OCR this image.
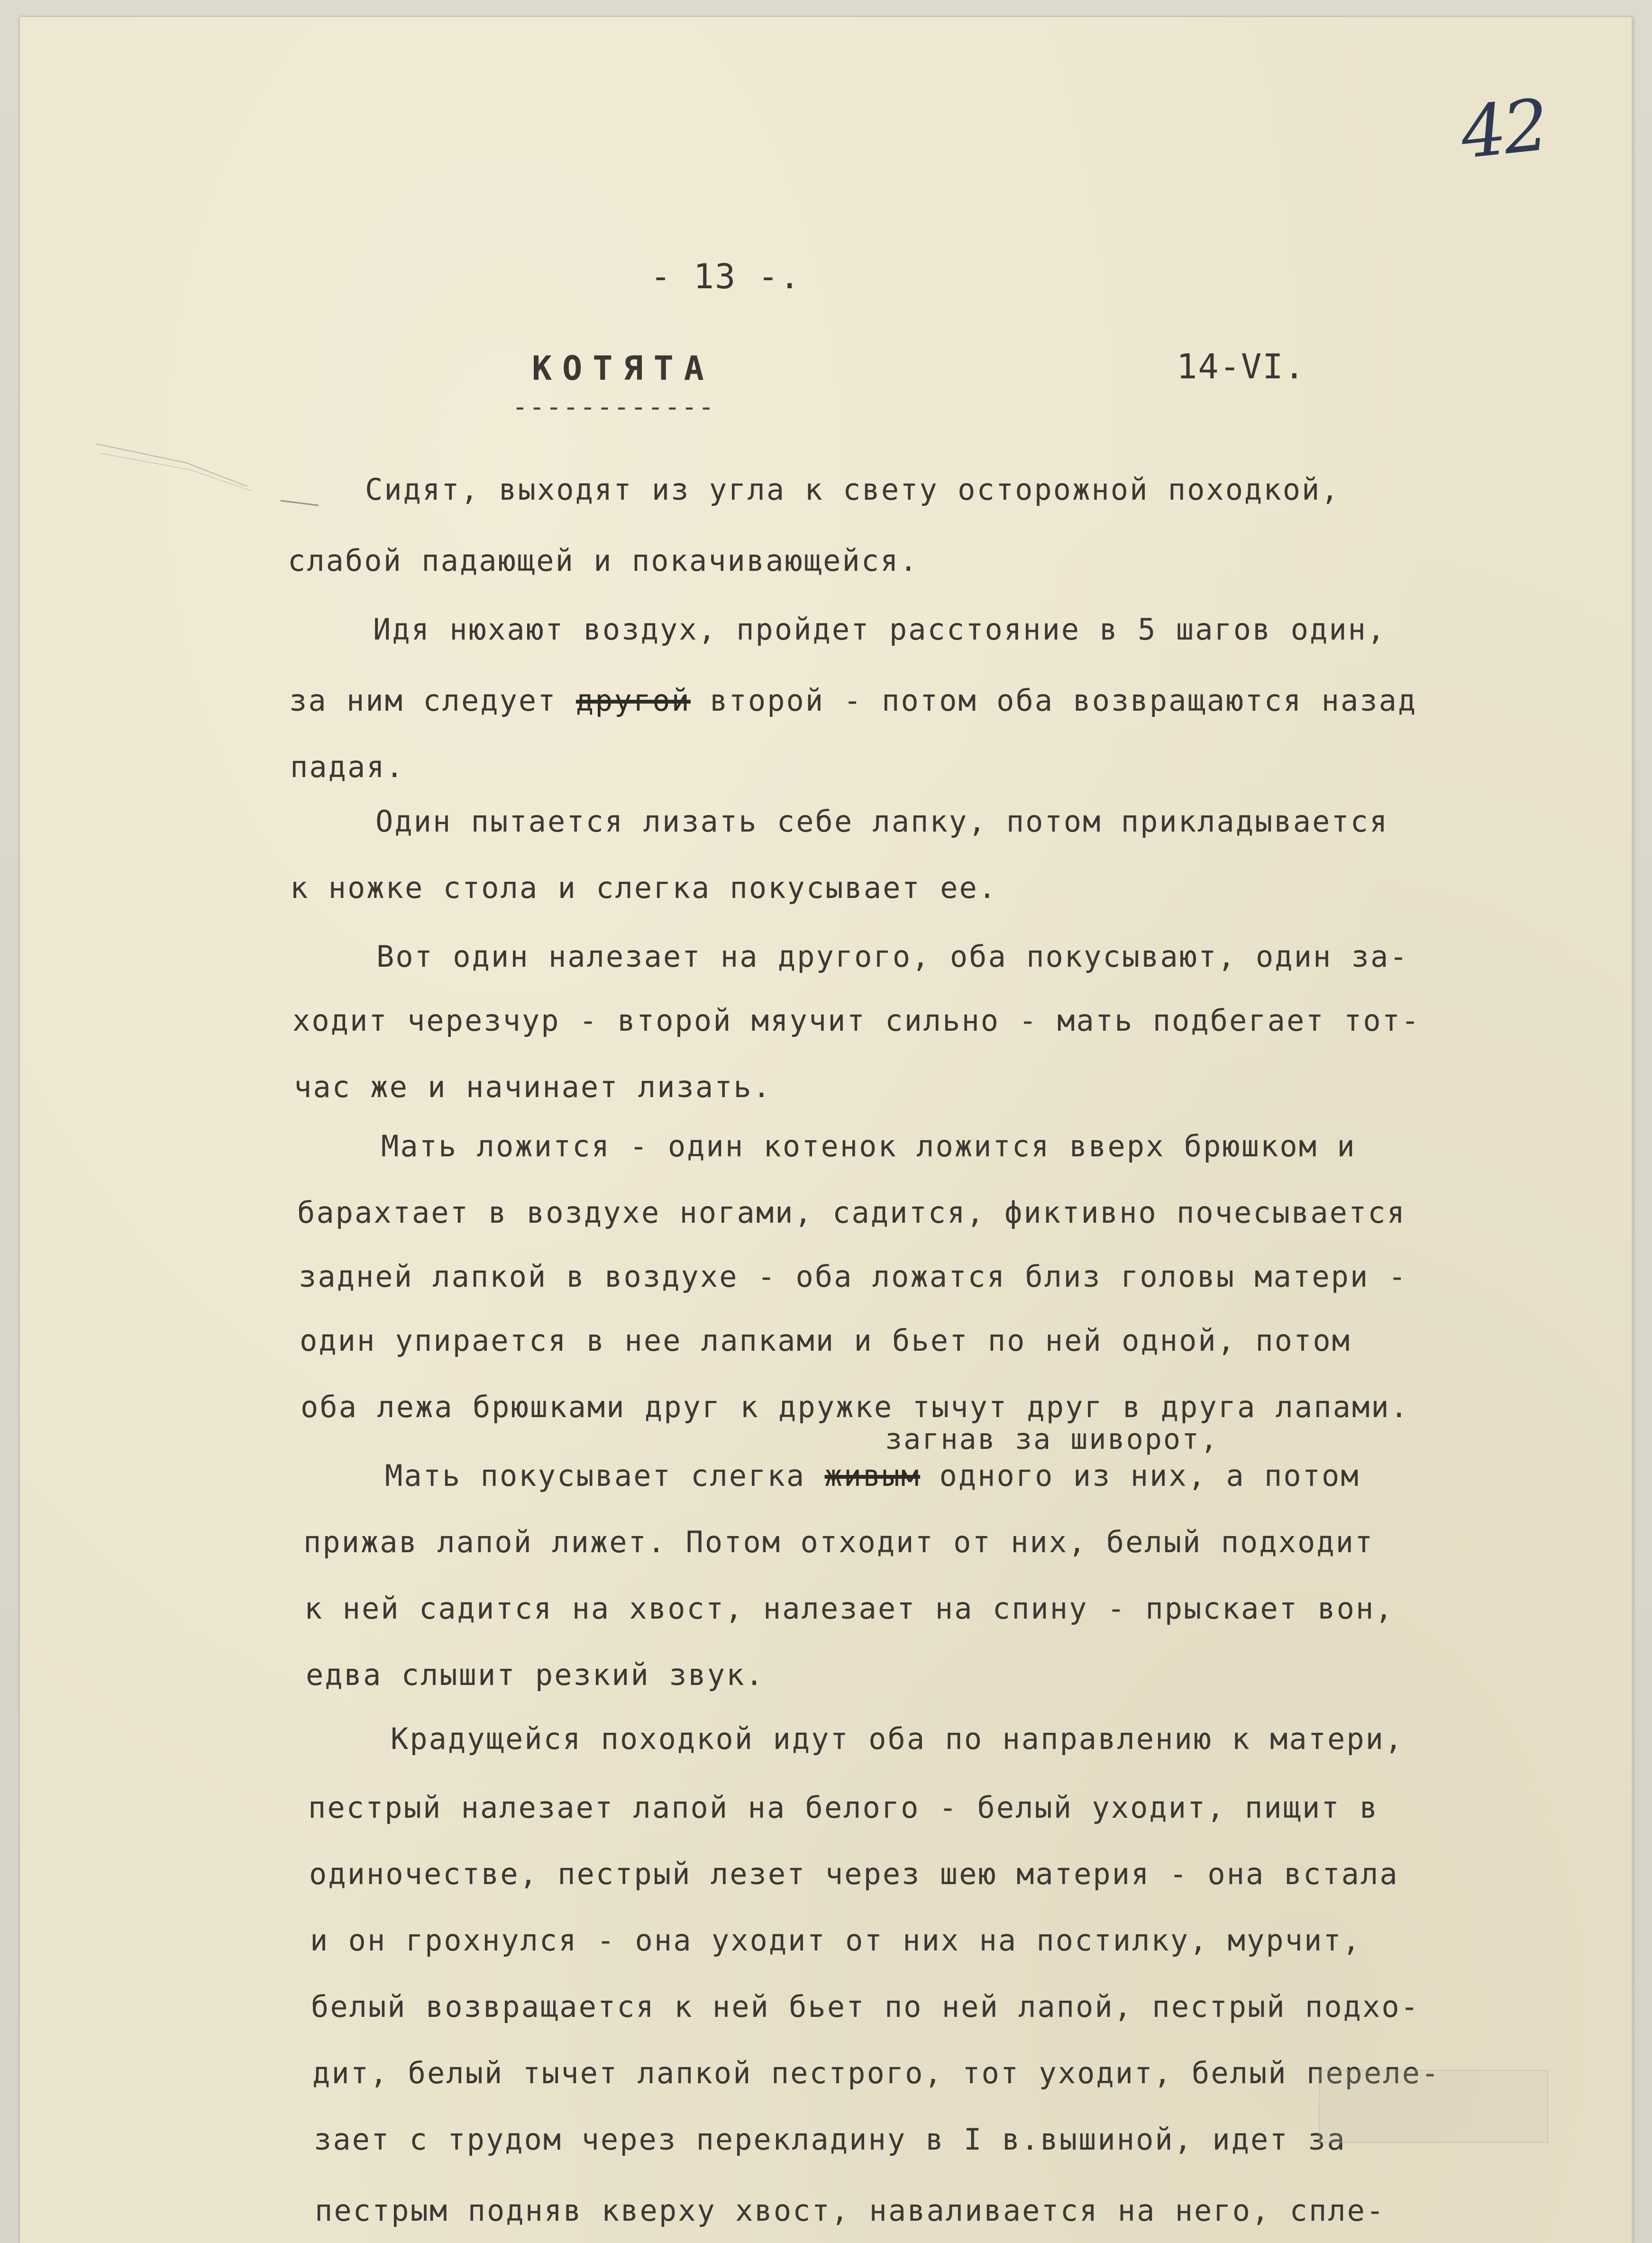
42
- 13 -.
КОТЯТА
------------
14-VI.
Сидят, выходят из угла к свету осторожной походкой,
слабой падающей и покачивающейся.
Идя нюхают воздух, пройдет расстояние в 5 шагов один,
за ним следует другой второй - потом оба возвращаются назад
падая.
Один пытается лизать себе лапку, потом прикладывается
к ножке стола и слегка покусывает ее.
Вот один налезает на другого, оба покусывают, один за-
ходит черезчур - второй мяучит сильно - мать подбегает тот-
час же и начинает лизать.
Мать ложится - один котенок ложится вверх брюшком и
барахтает в воздухе ногами, садится, фиктивно почесывается
задней лапкой в воздухе - оба ложатся близ головы матери -
один упирается в нее лапками и бьет по ней одной, потом
оба лежа брюшками друг к дружке тычут друг в друга лапами.
загнав за шиворот,
Мать покусывает слегка живым одного из них, а потом
прижав лапой лижет. Потом отходит от них, белый подходит
к ней садится на хвост, налезает на спину - прыскает вон,
едва слышит резкий звук.
Крадущейся походкой идут оба по направлению к матери,
пестрый налезает лапой на белого - белый уходит, пищит в
одиночестве, пестрый лезет через шею материя - она встала
и он грохнулся - она уходит от них на постилку, мурчит,
белый возвращается к ней бьет по ней лапой, пестрый подхо-
дит, белый тычет лапкой пестрого, тот уходит, белый переле-
зает с трудом через перекладину в I в.вышиной, идет за
пестрым подняв кверху хвост, наваливается на него, спле-
